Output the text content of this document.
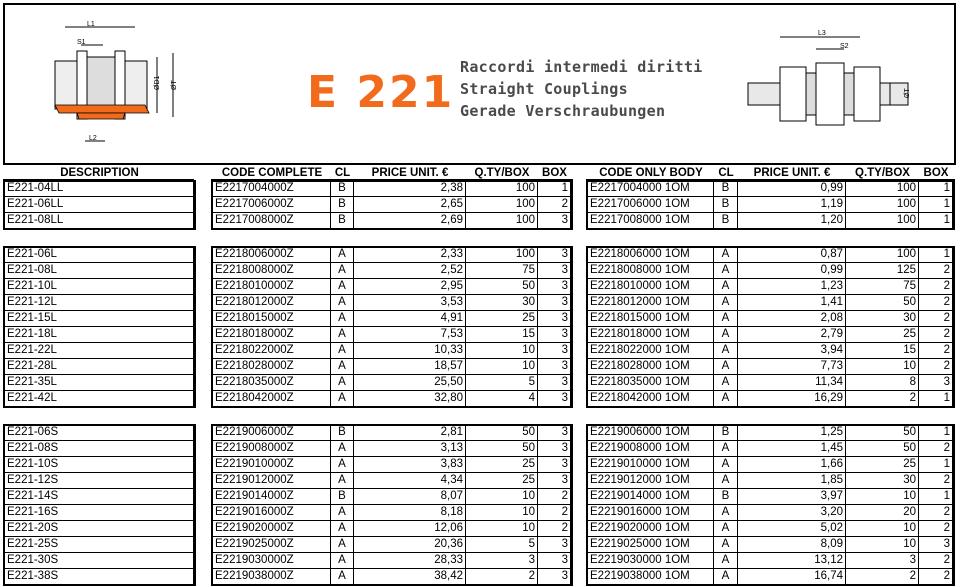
L1
S1
ØD1 ØT
L2
E 221 Raccordi intermedi diritti
Straight Couplings
Gerade Verschraubungen
L3
S2
ØT
DESCRIPTION	CODE COMPLETE	CL	PRICE UNIT. €	Q.TY/BOX	BOX	CODE ONLY BODY	CL	PRICE UNIT. €	Q.TY/BOX	BOX
E221-04LL	E2217004000Z	B	2,38	100	1 E2217004000 1OM	B	0,99	100	1
E221-06LL	E2217006000Z	B	2,65	100	2 E2217006000 1OM	B	1,19	100	1
E221-08LL	E2217008000Z	B	2,69	100	3 E2217008000 1OM	B	1,20	100	1
E221-06L	E2218006000Z	A	2,33	100	3 E2218006000 1OM	A	0,87	100	1
E221-08L	E2218008000Z	A	2,52	75	3 E2218008000 1OM	A	0,99	125	2
E221-10L	E2218010000Z	A	2,95	50	3 E2218010000 1OM	A	1,23	75	2
E221-12L	E2218012000Z	A	3,53	30	3 E2218012000 1OM	A	1,41	50	2
E221-15L	E2218015000Z	A	4,91	25	3 E2218015000 1OM	A	2,08	30	2
E221-18L	E2218018000Z	A	7,53	15	3 E2218018000 1OM	A	2,79	25	2
E221-22L	E2218022000Z	A	10,33	10	3 E2218022000 1OM	A	3,94	15	2
E221-28L	E2218028000Z	A	18,57	10	3 E2218028000 1OM	A	7,73	10	2
E221-35L	E2218035000Z	A	25,50	5	3 E2218035000 1OM	A	11,34	8	3
E221-42L	E2218042000Z	A	32,80	4	3 E2218042000 1OM	A	16,29	2	1
E221-06S	E2219006000Z	B	2,81	50	3 E2219006000 1OM	B	1,25	50	1
E221-08S	E2219008000Z	A	3,13	50	3 E2219008000 1OM	A	1,45	50	2
E221-10S	E2219010000Z	A	3,83	25	3 E2219010000 1OM	A	1,66	25	1
E221-12S	E2219012000Z	A	4,34	25	3 E2219012000 1OM	A	1,85	30	2
E221-14S	E2219014000Z	B	8,07	10	2 E2219014000 1OM	B	3,97	10	1
E221-16S	E2219016000Z	A	8,18	10	2 E2219016000 1OM	A	3,20	20	2
E221-20S	E2219020000Z	A	12,06	10	2 E2219020000 1OM	A	5,02	10	2
E221-25S	E2219025000Z	A	20,36	5	3 E2219025000 1OM	A	8,09	10	3
E221-30S	E2219030000Z	A	28,33	3	3 E2219030000 1OM	A	13,12	3	2
E221-38S	E2219038000Z	A	38,42	2	3 E2219038000 1OM	A	16,74	2	2
